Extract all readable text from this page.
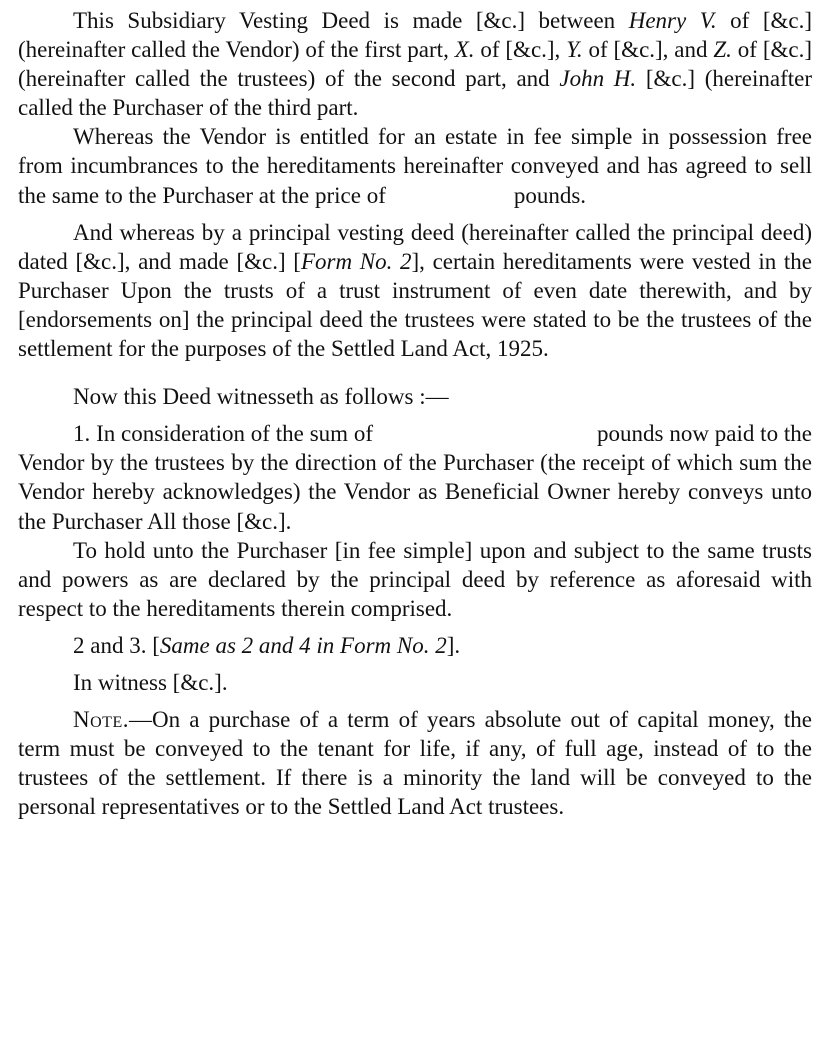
This Subsidiary Vesting Deed is made [&c.] between Henry V. of [&c.] (hereinafter called the Vendor) of the first part, X. of [&c.], Y. of [&c.], and Z. of [&c.] (hereinafter called the trustees) of the second part, and John H. [&c.] (hereinafter called the Purchaser of the third part.

Whereas the Vendor is entitled for an estate in fee simple in possession free from incumbrances to the hereditaments hereinafter conveyed and has agreed to sell the same to the Purchaser at the price of	pounds.

And whereas by a principal vesting deed (hereinafter called the principal deed) dated [&c.], and made [&c.] [Form No. 2], certain hereditaments were vested in the Purchaser Upon the trusts of a trust instrument of even date therewith, and by [endorsements on] the principal deed the trustees were stated to be the trustees of the settlement for the purposes of the Settled Land Act, 1925.

Now this Deed witnesseth as follows :—

1. In consideration of the sum of	pounds now paid to the Vendor by the trustees by the direction of the Purchaser (the receipt of which sum the Vendor hereby acknowledges) the Vendor as Beneficial Owner hereby conveys unto the Purchaser All those [&c.].

To hold unto the Purchaser [in fee simple] upon and subject to the same trusts and powers as are declared by the principal deed by reference as aforesaid with respect to the hereditaments therein comprised.

2 and 3. [Same as 2 and 4 in Form No. 2].

In witness [&c.].

Note.—On a purchase of a term of years absolute out of capital money, the term must be conveyed to the tenant for life, if any, of full age, instead of to the trustees of the settlement. If there is a minority the land will be conveyed to the personal representatives or to the Settled Land Act trustees.
